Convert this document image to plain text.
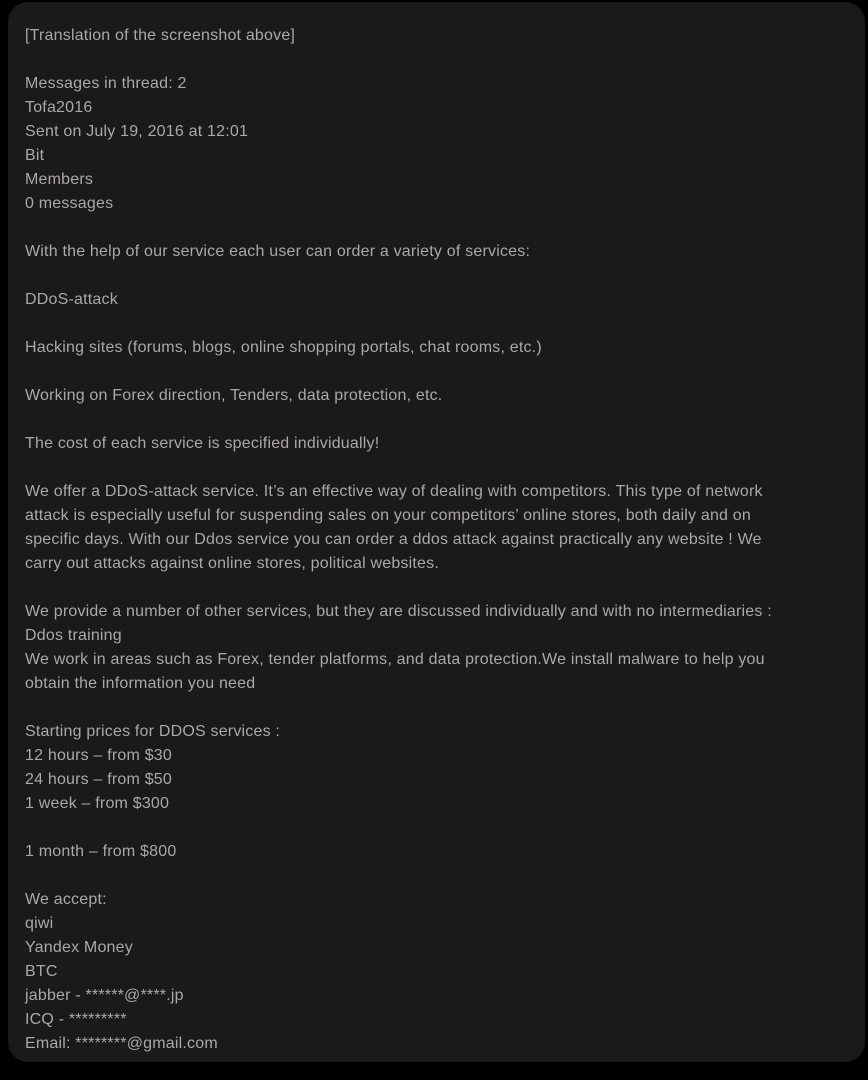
[Translation of the screenshot above]

Messages in thread: 2
Tofa2016
Sent on July 19, 2016 at 12:01
Bit
Members
0 messages

With the help of our service each user can order a variety of services:

DDoS-attack

Hacking sites (forums, blogs, online shopping portals, chat rooms, etc.)

Working on Forex direction, Tenders, data protection, etc.

The cost of each service is specified individually!

We offer a DDoS-attack service. It’s an effective way of dealing with competitors. This type of network
attack is especially useful for suspending sales on your competitors’ online stores, both daily and on
specific days. With our Ddos service you can order a ddos attack against practically any website ! We
carry out attacks against online stores, political websites.

We provide a number of other services, but they are discussed individually and with no intermediaries :
Ddos training
We work in areas such as Forex, tender platforms, and data protection.We install malware to help you
obtain the information you need

Starting prices for DDOS services :
12 hours – from $30
24 hours – from $50
1 week – from $300

1 month – from $800

We accept:
qiwi
Yandex Money
BTC
jabber - ******@****.jp
ICQ - *********
Email: ********@gmail.com
